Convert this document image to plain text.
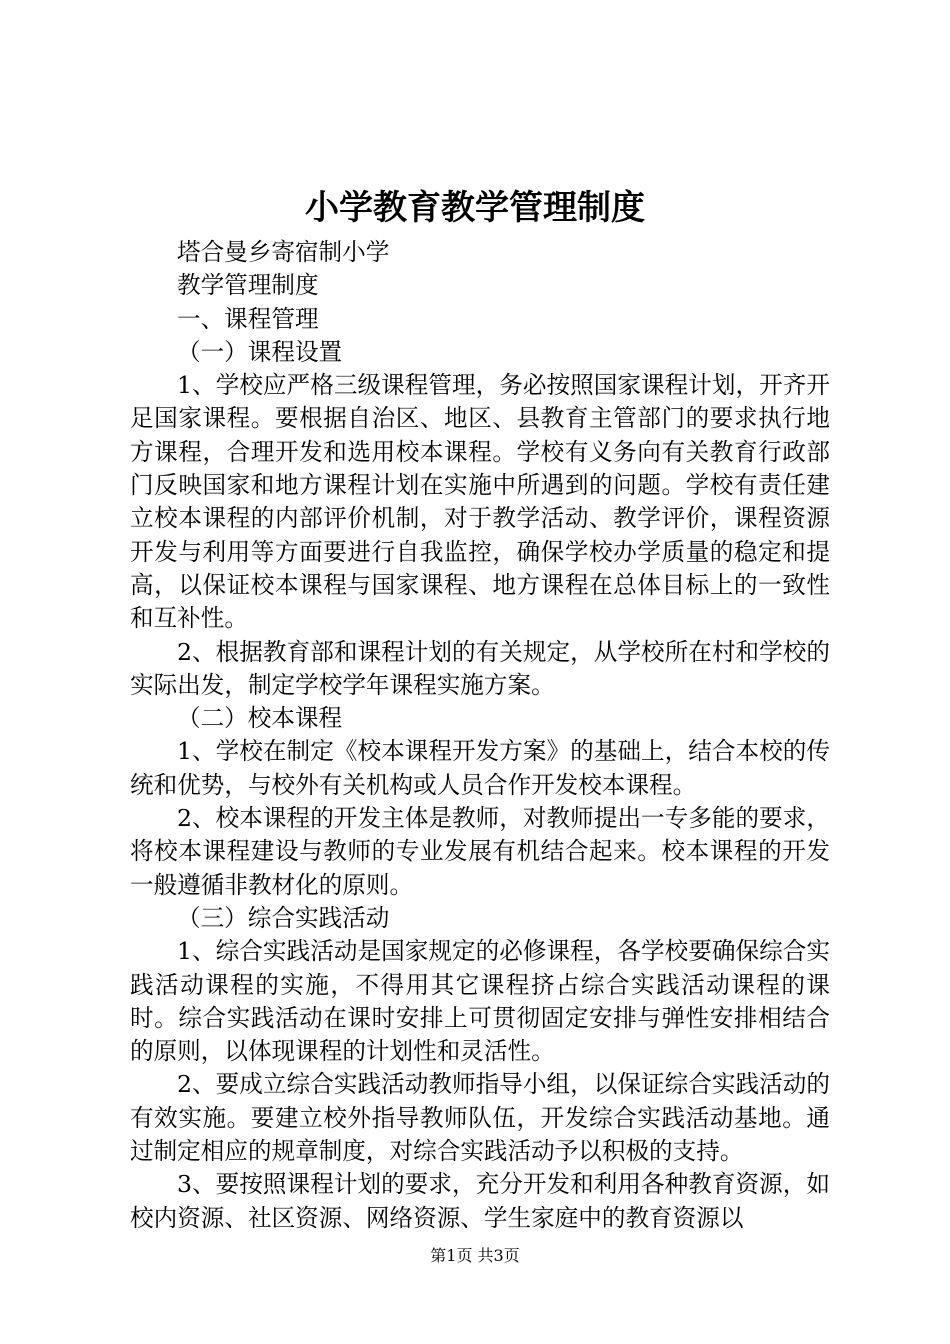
小学教育教学管理制度

塔合曼乡寄宿制小学

教学管理制度

一、课程管理

（一）课程设置

1、学校应严格三级课程管理，务必按照国家课程计划，开齐开足国家课程。要根据自治区、地区、县教育主管部门的要求执行地方课程，合理开发和选用校本课程。学校有义务向有关教育行政部门反映国家和地方课程计划在实施中所遇到的问题。学校有责任建立校本课程的内部评价机制，对于教学活动、教学评价，课程资源开发与利用等方面要进行自我监控，确保学校办学质量的稳定和提高，以保证校本课程与国家课程、地方课程在总体目标上的一致性和互补性。

2、根据教育部和课程计划的有关规定，从学校所在村和学校的实际出发，制定学校学年课程实施方案。

（二）校本课程

1、学校在制定《校本课程开发方案》的基础上，结合本校的传统和优势，与校外有关机构或人员合作开发校本课程。

2、校本课程的开发主体是教师，对教师提出一专多能的要求，将校本课程建设与教师的专业发展有机结合起来。校本课程的开发一般遵循非教材化的原则。

（三）综合实践活动

1、综合实践活动是国家规定的必修课程，各学校要确保综合实践活动课程的实施，不得用其它课程挤占综合实践活动课程的课时。综合实践活动在课时安排上可贯彻固定安排与弹性安排相结合的原则，以体现课程的计划性和灵活性。

2、要成立综合实践活动教师指导小组，以保证综合实践活动的有效实施。要建立校外指导教师队伍，开发综合实践活动基地。通过制定相应的规章制度，对综合实践活动予以积极的支持。

3、要按照课程计划的要求，充分开发和利用各种教育资源，如校内资源、社区资源、网络资源、学生家庭中的教育资源以

第1页 共3页
